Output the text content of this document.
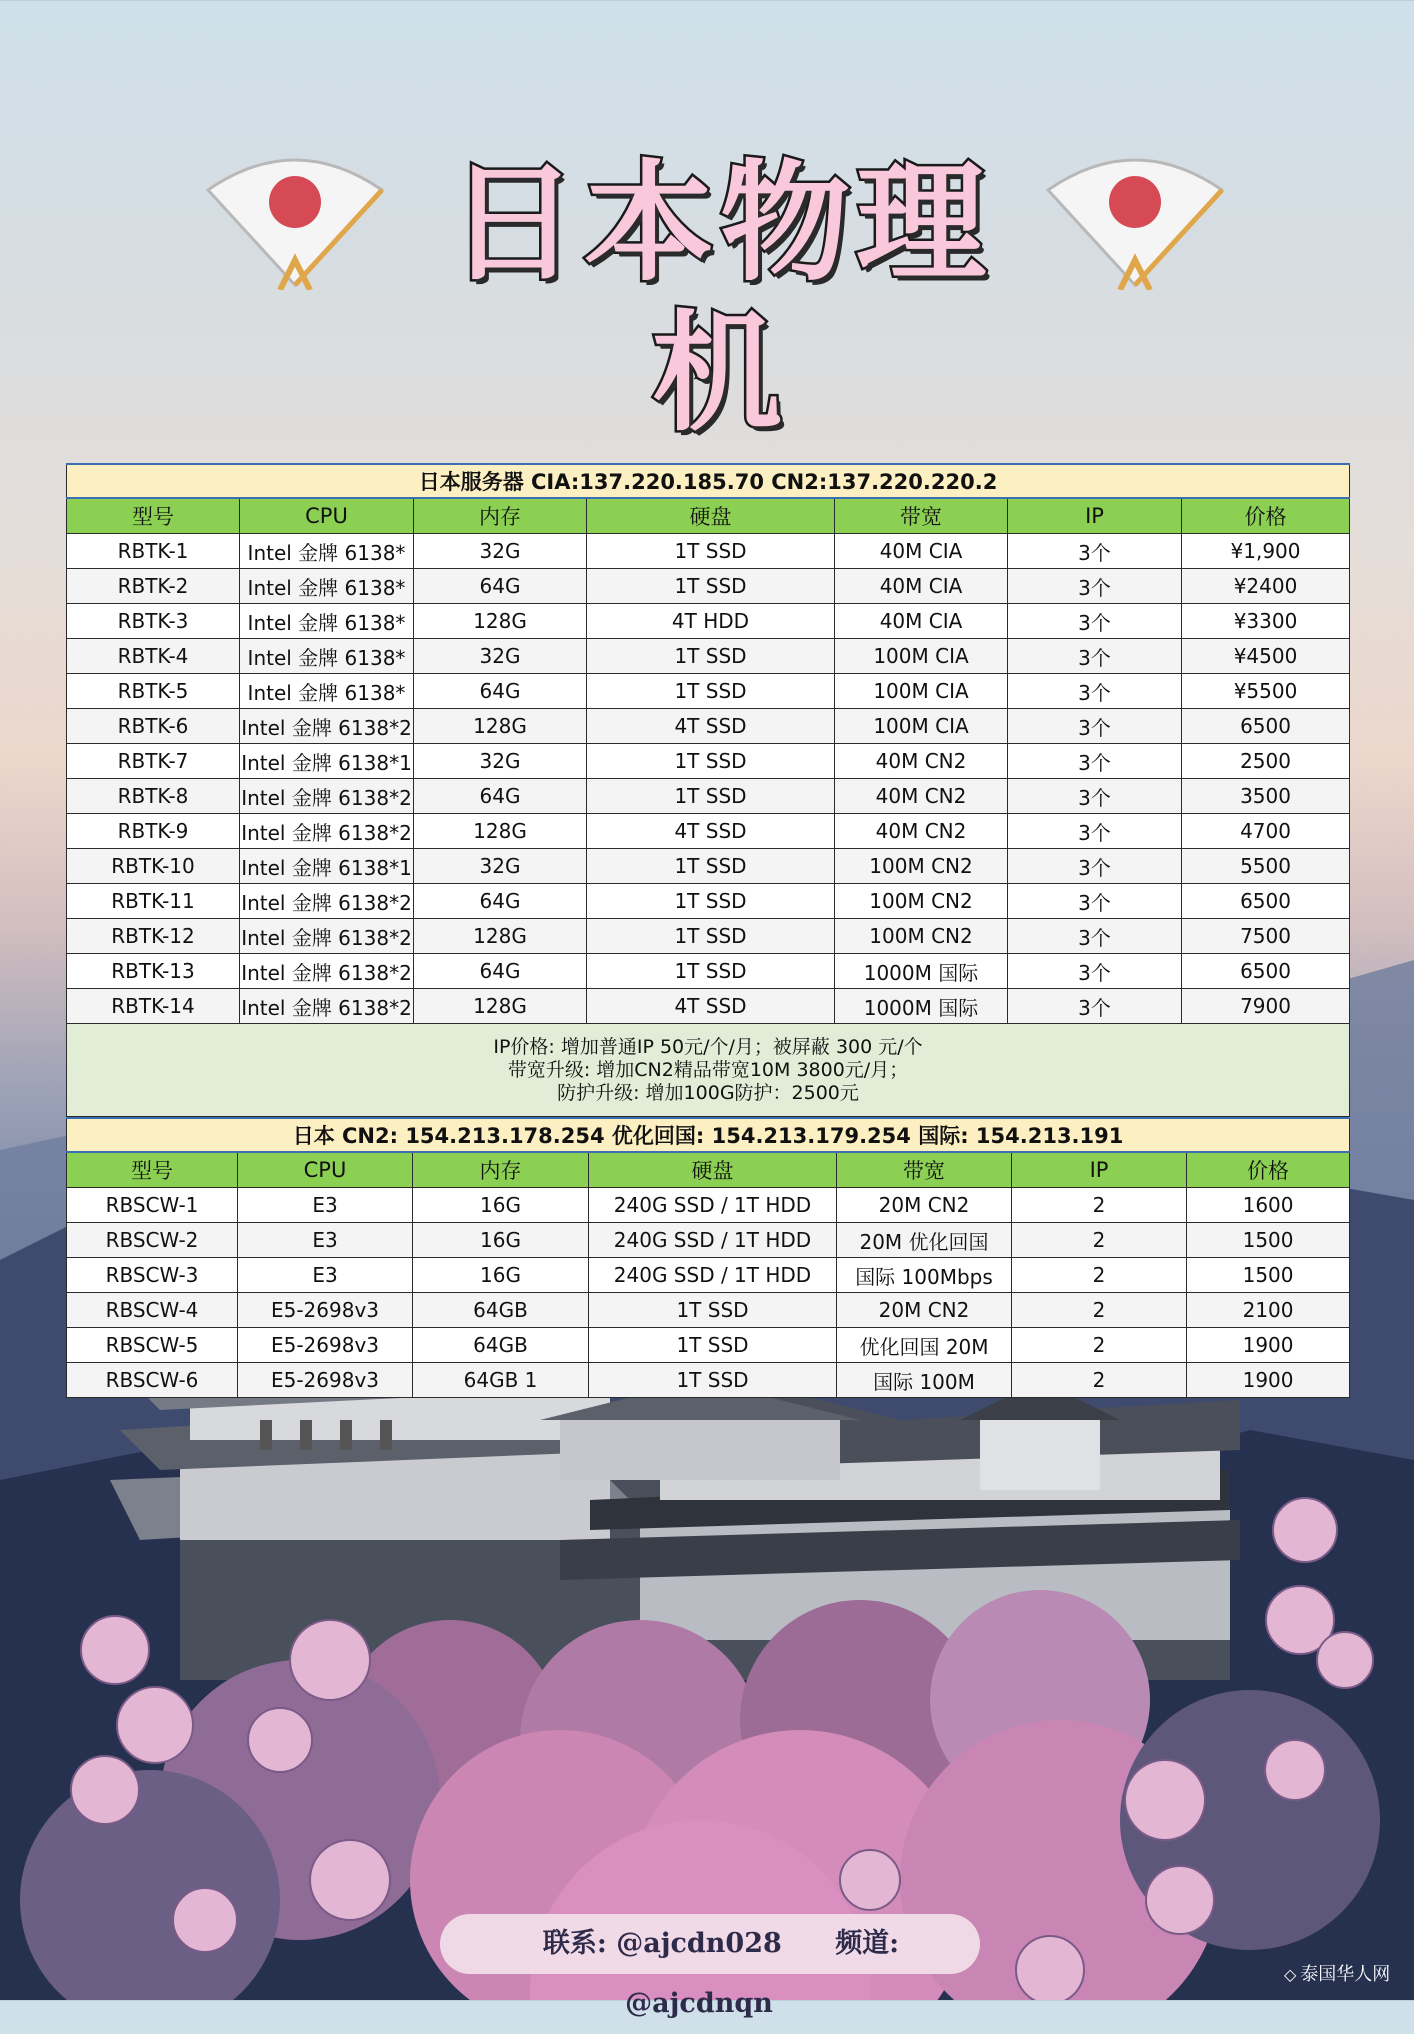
日本物理机
日本服务器 CIA:137.220.185.70 CN2:137.220.220.2						
型号	CPU	内存	硬盘	带宽	IP	价格
RBTK-1	Intel 金牌 6138*	32G	1T SSD	40M CIA	3个	¥1,900
RBTK-2	Intel 金牌 6138*	64G	1T SSD	40M CIA	3个	¥2400
RBTK-3	Intel 金牌 6138*	128G	4T HDD	40M CIA	3个	¥3300
RBTK-4	Intel 金牌 6138*	32G	1T SSD	100M CIA	3个	¥4500
RBTK-5	Intel 金牌 6138*	64G	1T SSD	100M CIA	3个	¥5500
RBTK-6	Intel 金牌 6138*2	128G	4T SSD	100M CIA	3个	6500
RBTK-7	Intel 金牌 6138*1	32G	1T SSD	40M CN2	3个	2500
RBTK-8	Intel 金牌 6138*2	64G	1T SSD	40M CN2	3个	3500
RBTK-9	Intel 金牌 6138*2	128G	4T SSD	40M CN2	3个	4700
RBTK-10	Intel 金牌 6138*1	32G	1T SSD	100M CN2	3个	5500
RBTK-11	Intel 金牌 6138*2	64G	1T SSD	100M CN2	3个	6500
RBTK-12	Intel 金牌 6138*2	128G	1T SSD	100M CN2	3个	7500
RBTK-13	Intel 金牌 6138*2	64G	1T SSD	1000M 国际	3个	6500
RBTK-14	Intel 金牌 6138*2	128G	4T SSD	1000M 国际	3个	7900

IP价格: 增加普通IP 50元/个/月；被屏蔽 300 元/个
带宽升级: 增加CN2精品带宽10M 3800元/月；
防护升级: 增加100G防护：2500元						
日本 CN2: 154.213.178.254 优化回国: 154.213.179.254 国际: 154.213.191						
型号	CPU	内存	硬盘	带宽	IP	价格
RBSCW-1	E3	16G	240G SSD / 1T HDD	20M CN2	2	1600
RBSCW-2	E3	16G	240G SSD / 1T HDD	20M 优化回国	2	1500
RBSCW-3	E3	16G	240G SSD / 1T HDD	国际 100Mbps	2	1500
RBSCW-4	E5-2698v3	64GB	1T SSD	20M CN2	2	2100
RBSCW-5	E5-2698v3	64GB	1T SSD	优化回国 20M	2	1900
RBSCW-6	E5-2698v3	64GB 1	1T SSD	国际 100M	2	1900
联系: @ajcdn028 频道: @ajcdnqn
◇ 泰国华人网
